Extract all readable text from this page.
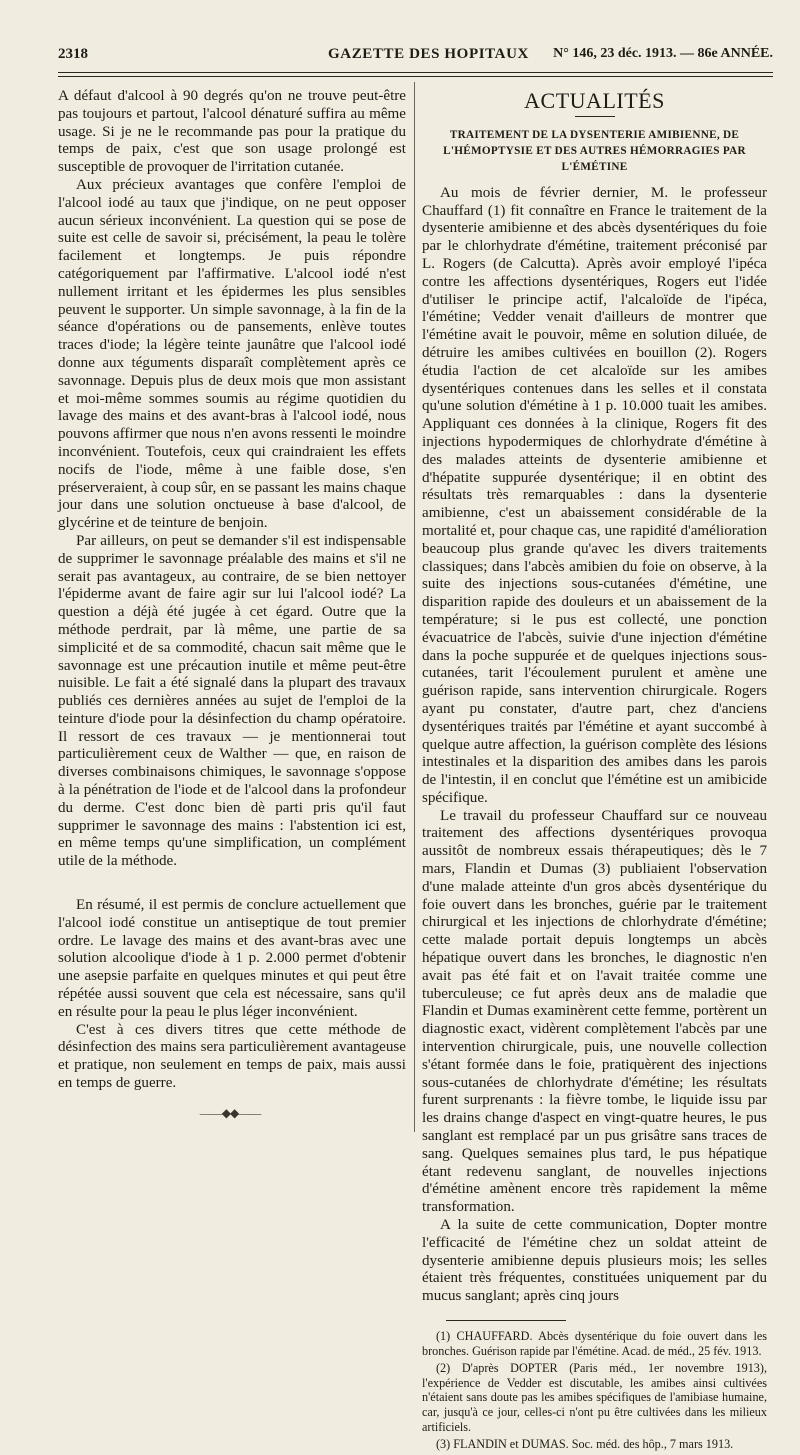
2318	GAZETTE DES HOPITAUX N° 146, 23 déc. 1913. — 86e ANNÉE.

A défaut d'alcool à 90 degrés qu'on ne trouve peut-être pas toujours et partout, l'alcool dénaturé suffira au même usage. Si je ne le recommande pas pour la pratique du temps de paix, c'est que son usage prolongé est susceptible de provoquer de l'irritation cutanée.

Aux précieux avantages que confère l'emploi de l'alcool iodé au taux que j'indique, on ne peut opposer aucun sérieux inconvénient. La question qui se pose de suite est celle de savoir si, précisément, la peau le tolère facilement et longtemps. Je puis répondre catégoriquement par l'affirmative. L'alcool iodé n'est nullement irritant et les épidermes les plus sensibles peuvent le supporter. Un simple savonnage, à la fin de la séance d'opérations ou de pansements, enlève toutes traces d'iode; la légère teinte jaunâtre que l'alcool iodé donne aux téguments disparaît complètement après ce savonnage. Depuis plus de deux mois que mon assistant et moi-même sommes soumis au régime quotidien du lavage des mains et des avant-bras à l'alcool iodé, nous pouvons affirmer que nous n'en avons ressenti le moindre inconvénient. Toutefois, ceux qui craindraient les effets nocifs de l'iode, même à une faible dose, s'en préserveraient, à coup sûr, en se passant les mains chaque jour dans une solution onctueuse à base d'alcool, de glycérine et de teinture de benjoin.

Par ailleurs, on peut se demander s'il est indispensable de supprimer le savonnage préalable des mains et s'il ne serait pas avantageux, au contraire, de se bien nettoyer l'épiderme avant de faire agir sur lui l'alcool iodé? La question a déjà été jugée à cet égard. Outre que la méthode perdrait, par là même, une partie de sa simplicité et de sa commodité, chacun sait même que le savonnage est une précaution inutile et même peut-être nuisible. Le fait a été signalé dans la plupart des travaux publiés ces dernières années au sujet de l'emploi de la teinture d'iode pour la désinfection du champ opératoire. Il ressort de ces travaux — je mentionnerai tout particulièrement ceux de Walther — que, en raison de diverses combinaisons chimiques, le savonnage s'oppose à la pénétration de l'iode et de l'alcool dans la profondeur du derme. C'est donc bien dè parti pris qu'il faut supprimer le savonnage des mains : l'abstention ici est, en même temps qu'une simplification, un complément utile de la méthode.

En résumé, il est permis de conclure actuellement que l'alcool iodé constitue un antiseptique de tout premier ordre. Le lavage des mains et des avant-bras avec une solution alcoolique d'iode à 1 p. 2.000 permet d'obtenir une asepsie parfaite en quelques minutes et qui peut être répétée aussi souvent que cela est nécessaire, sans qu'il en résulte pour la peau le plus léger inconvénient.

C'est à ces divers titres que cette méthode de désinfection des mains sera particulièrement avantageuse et pratique, non seulement en temps de paix, mais aussi en temps de guerre.

——◆◆——
ACTUALITÉS
TRAITEMENT DE LA DYSENTERIE AMIBIENNE, DE L'HÉMOPTYSIE ET DES AUTRES HÉMORRAGIES PAR L'ÉMÉTINE

Au mois de février dernier, M. le professeur Chauffard (1) fit connaître en France le traitement de la dysenterie amibienne et des abcès dysentériques du foie par le chlorhydrate d'émétine, traitement préconisé par L. Rogers (de Calcutta). Après avoir employé l'ipéca contre les affections dysentériques, Rogers eut l'idée d'utiliser le principe actif, l'alcaloïde de l'ipéca, l'émétine; Vedder venait d'ailleurs de montrer que l'émétine avait le pouvoir, même en solution diluée, de détruire les amibes cultivées en bouillon (2). Rogers étudia l'action de cet alcaloïde sur les amibes dysentériques contenues dans les selles et il constata qu'une solution d'émétine à 1 p. 10.000 tuait les amibes. Appliquant ces données à la clinique, Rogers fit des injections hypodermiques de chlorhydrate d'émétine à des malades atteints de dysenterie amibienne et d'hépatite suppurée dysentérique; il en obtint des résultats très remarquables : dans la dysenterie amibienne, c'est un abaissement considérable de la mortalité et, pour chaque cas, une rapidité d'amélioration beaucoup plus grande qu'avec les divers traitements classiques; dans l'abcès amibien du foie on observe, à la suite des injections sous-cutanées d'émétine, une disparition rapide des douleurs et un abaissement de la température; si le pus est collecté, une ponction évacuatrice de l'abcès, suivie d'une injection d'émétine dans la poche suppurée et de quelques injections sous-cutanées, tarit l'écoulement purulent et amène une guérison rapide, sans intervention chirurgicale. Rogers ayant pu constater, d'autre part, chez d'anciens dysentériques traités par l'émétine et ayant succombé à quelque autre affection, la guérison complète des lésions intestinales et la disparition des amibes dans les parois de l'intestin, il en conclut que l'émétine est un amibicide spécifique.

Le travail du professeur Chauffard sur ce nouveau traitement des affections dysentériques provoqua aussitôt de nombreux essais thérapeutiques; dès le 7 mars, Flandin et Dumas (3) publiaient l'observation d'une malade atteinte d'un gros abcès dysentérique du foie ouvert dans les bronches, guérie par le traitement chirurgical et les injections de chlorhydrate d'émétine; cette malade portait depuis longtemps un abcès hépatique ouvert dans les bronches, le diagnostic n'en avait pas été fait et on l'avait traitée comme une tuberculeuse; ce fut après deux ans de maladie que Flandin et Dumas examinèrent cette femme, portèrent un diagnostic exact, vidèrent complètement l'abcès par une intervention chirurgicale, puis, une nouvelle collection s'étant formée dans le foie, pratiquèrent des injections sous-cutanées de chlorhydrate d'émétine; les résultats furent surprenants : la fièvre tombe, le liquide issu par les drains change d'aspect en vingt-quatre heures, le pus sanglant est remplacé par un pus grisâtre sans traces de sang. Quelques semaines plus tard, le pus hépatique étant redevenu sanglant, de nouvelles injections d'émétine amènent encore très rapidement la même transformation.

A la suite de cette communication, Dopter montre l'efficacité de l'émétine chez un soldat atteint de dysenterie amibienne depuis plusieurs mois; les selles étaient très fréquentes, constituées uniquement par du mucus sanglant; après cinq jours

(1) CHAUFFARD. Abcès dysentérique du foie ouvert dans les bronches. Guérison rapide par l'émétine. Acad. de méd., 25 fév. 1913.

(2) D'après DOPTER (Paris méd., 1er novembre 1913), l'expérience de Vedder est discutable, les amibes ainsi cultivées n'étaient sans doute pas les amibes spécifiques de l'amibiase humaine, car, jusqu'à ce jour, celles-ci n'ont pu être cultivées dans les milieux artificiels.

(3) FLANDIN et DUMAS. Soc. méd. des hôp., 7 mars 1913.
